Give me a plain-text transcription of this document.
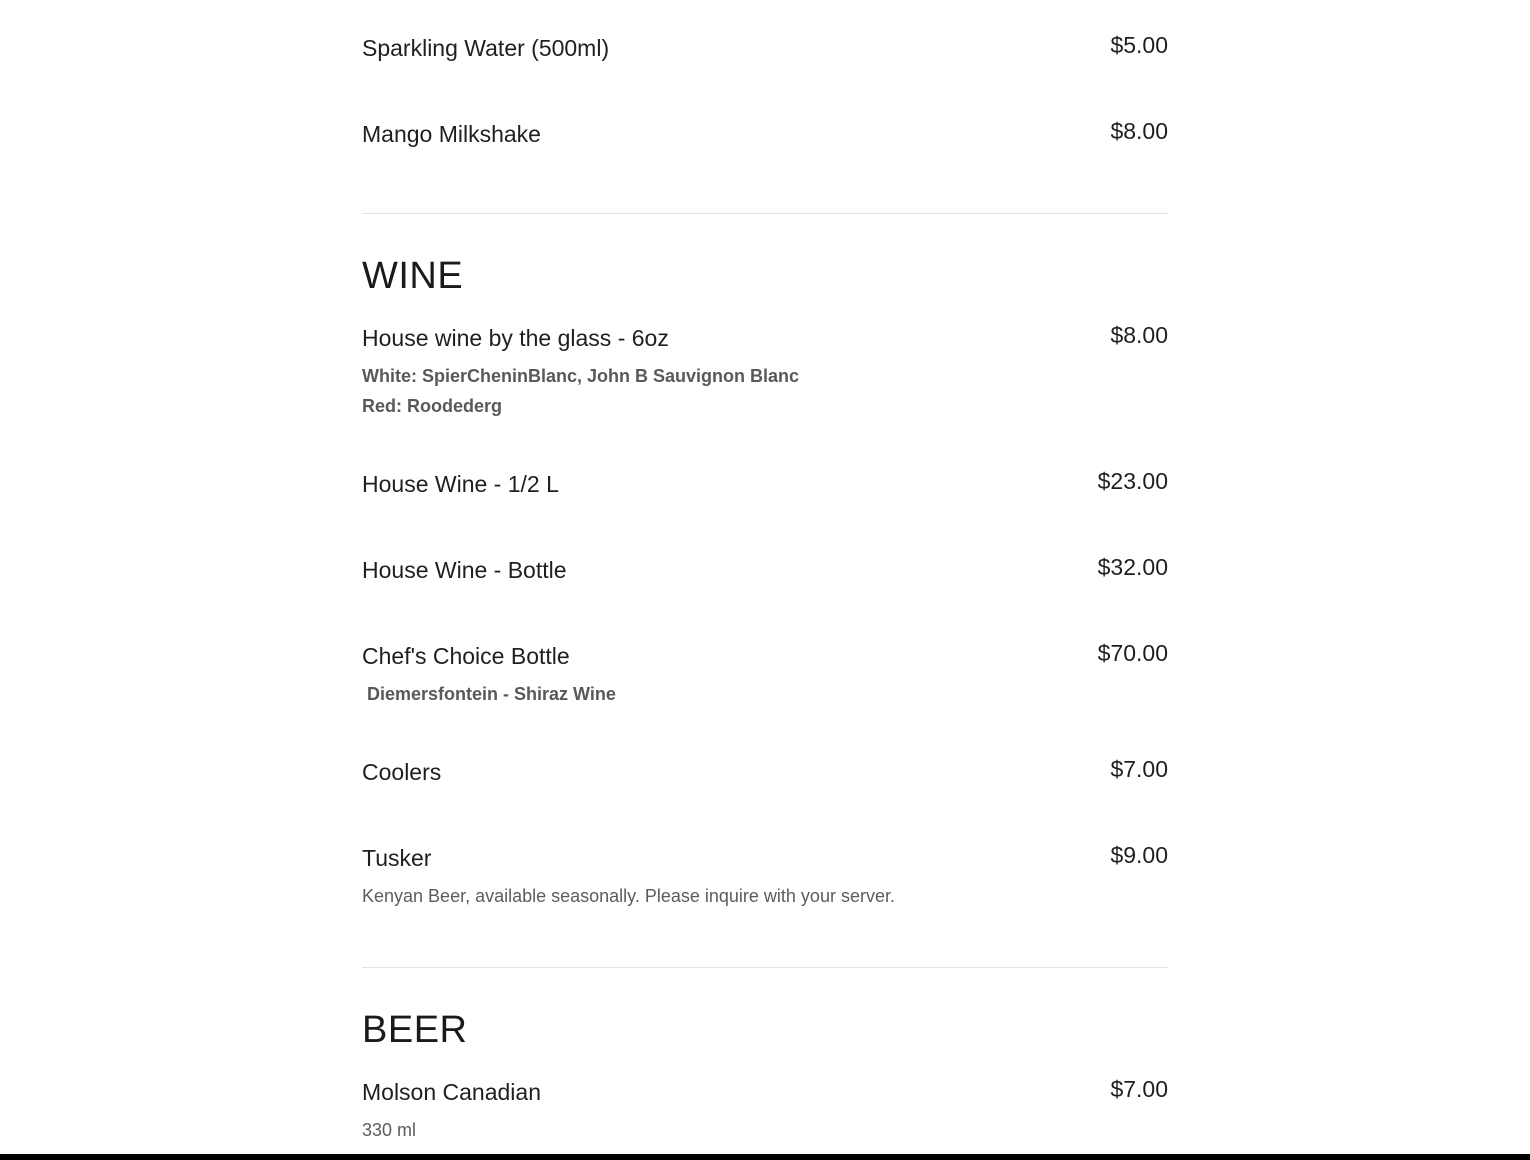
Sparkling Water (500ml)	$5.00
Mango Milkshake	$8.00
WINE
House wine by the glass - 6oz	$8.00
White: SpierCheninBlanc, John B Sauvignon Blanc
Red: Roodederg
House Wine - 1/2 L	$23.00
House Wine - Bottle	$32.00
Chef's Choice Bottle	$70.00
Diemersfontein - Shiraz Wine
Coolers	$7.00
Tusker	$9.00
Kenyan Beer, available seasonally. Please inquire with your server.
BEER
Molson Canadian	$7.00
330 ml
